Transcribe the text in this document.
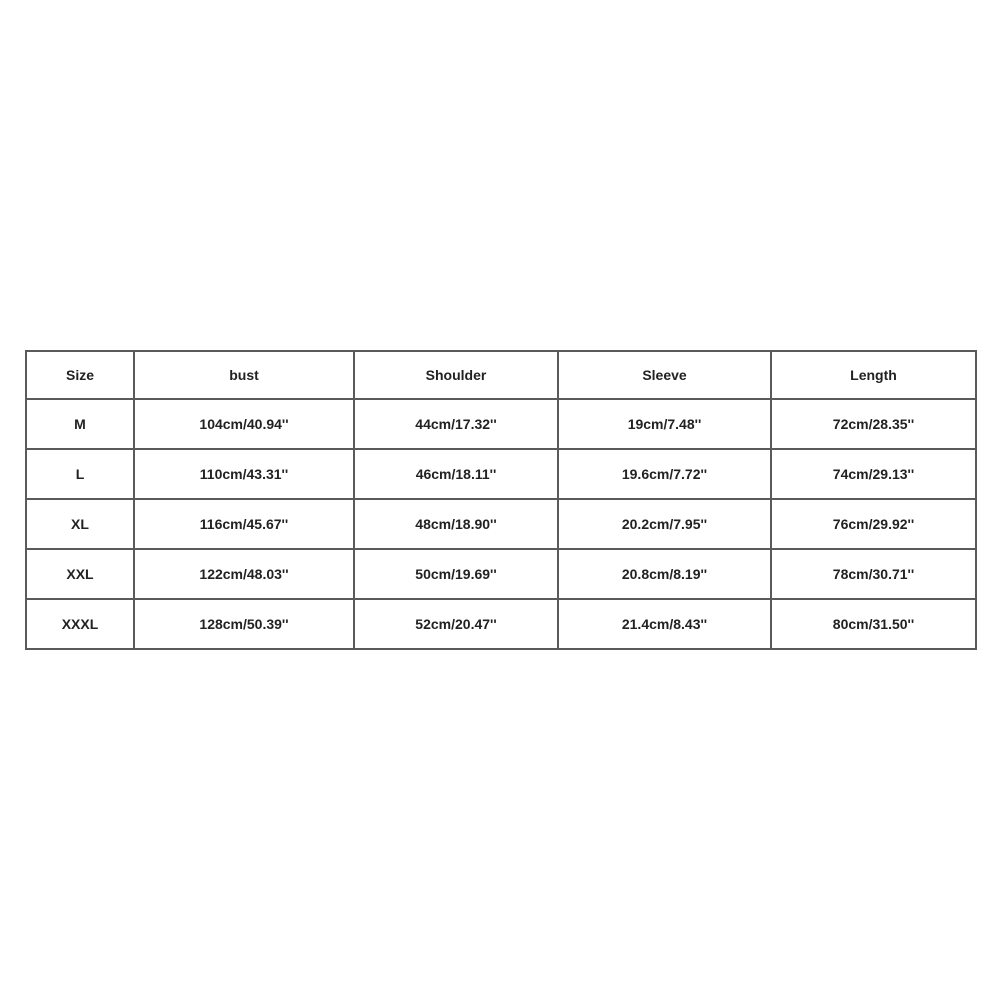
Size	bust	Shoulder	Sleeve	Length
M	104cm/40.94''	44cm/17.32''	19cm/7.48''	72cm/28.35''
L	110cm/43.31''	46cm/18.11''	19.6cm/7.72''	74cm/29.13''
XL	116cm/45.67''	48cm/18.90''	20.2cm/7.95''	76cm/29.92''
XXL	122cm/48.03''	50cm/19.69''	20.8cm/8.19''	78cm/30.71''
XXXL	128cm/50.39''	52cm/20.47''	21.4cm/8.43''	80cm/31.50''
